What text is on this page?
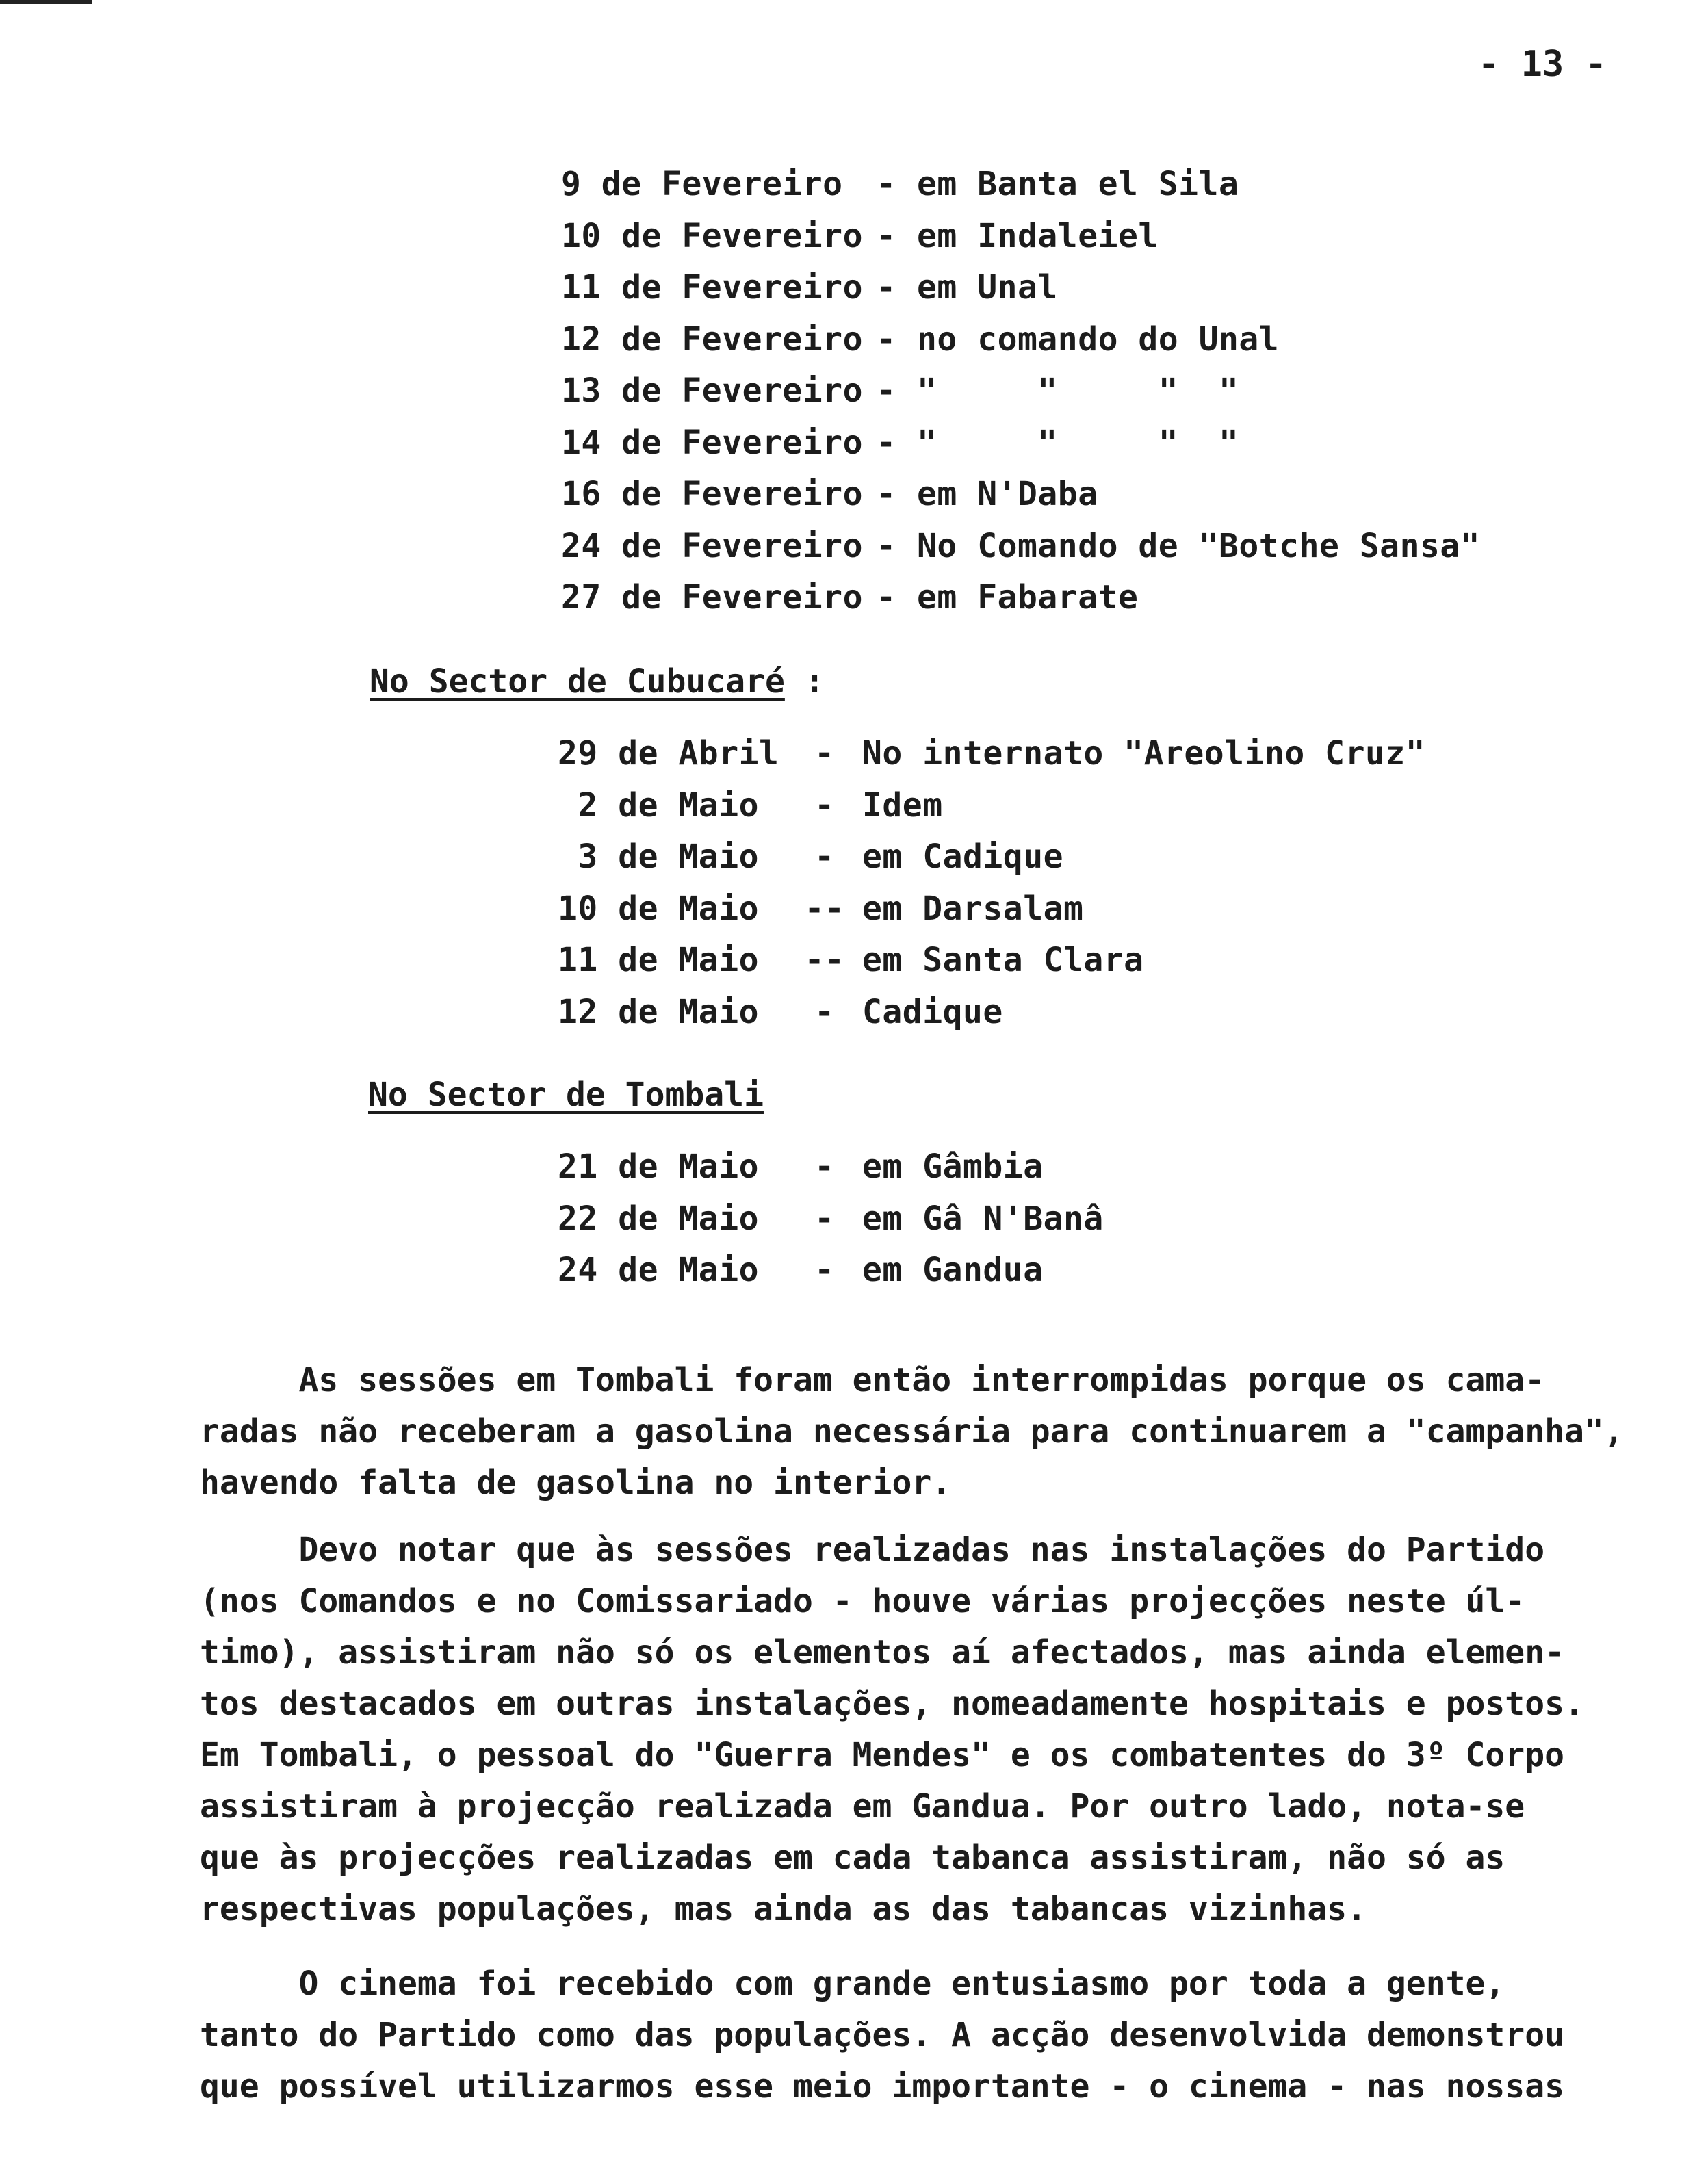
- 13 -
9 de Fevereiro - em Banta el Sila
10 de Fevereiro - em Indaleiel
11 de Fevereiro - em Unal
12 de Fevereiro - no comando do Unal
13 de Fevereiro - "     "     "  "
14 de Fevereiro - "     "     "  "
16 de Fevereiro - em N'Daba
24 de Fevereiro - No Comando de "Botche Sansa"
27 de Fevereiro - em Fabarate
No Sector de Cubucaré :
29 de Abril - No internato "Areolino Cruz"
2 de Maio - Idem
3 de Maio - em Cadique
10 de Maio -- em Darsalam
11 de Maio -- em Santa Clara
12 de Maio - Cadique
No Sector de Tombali
21 de Maio - em Gâmbia
22 de Maio - em Gâ N'Banâ
24 de Maio - em Gandua

As sessões em Tombali foram então interrompidas porque os cama-
radas não receberam a gasolina necessária para continuarem a "campanha",
havendo falta de gasolina no interior.

Devo notar que às sessões realizadas nas instalações do Partido
(nos Comandos e no Comissariado - houve várias projecções neste úl-
timo), assistiram não só os elementos aí afectados, mas ainda elemen-
tos destacados em outras instalações, nomeadamente hospitais e postos.
Em Tombali, o pessoal do "Guerra Mendes" e os combatentes do 3º Corpo
assistiram à projecção realizada em Gandua. Por outro lado, nota-se
que às projecções realizadas em cada tabanca assistiram, não só as
respectivas populações, mas ainda as das tabancas vizinhas.

O cinema foi recebido com grande entusiasmo por toda a gente,
tanto do Partido como das populações. A acção desenvolvida demonstrou
que possível utilizarmos esse meio importante - o cinema - nas nossas
